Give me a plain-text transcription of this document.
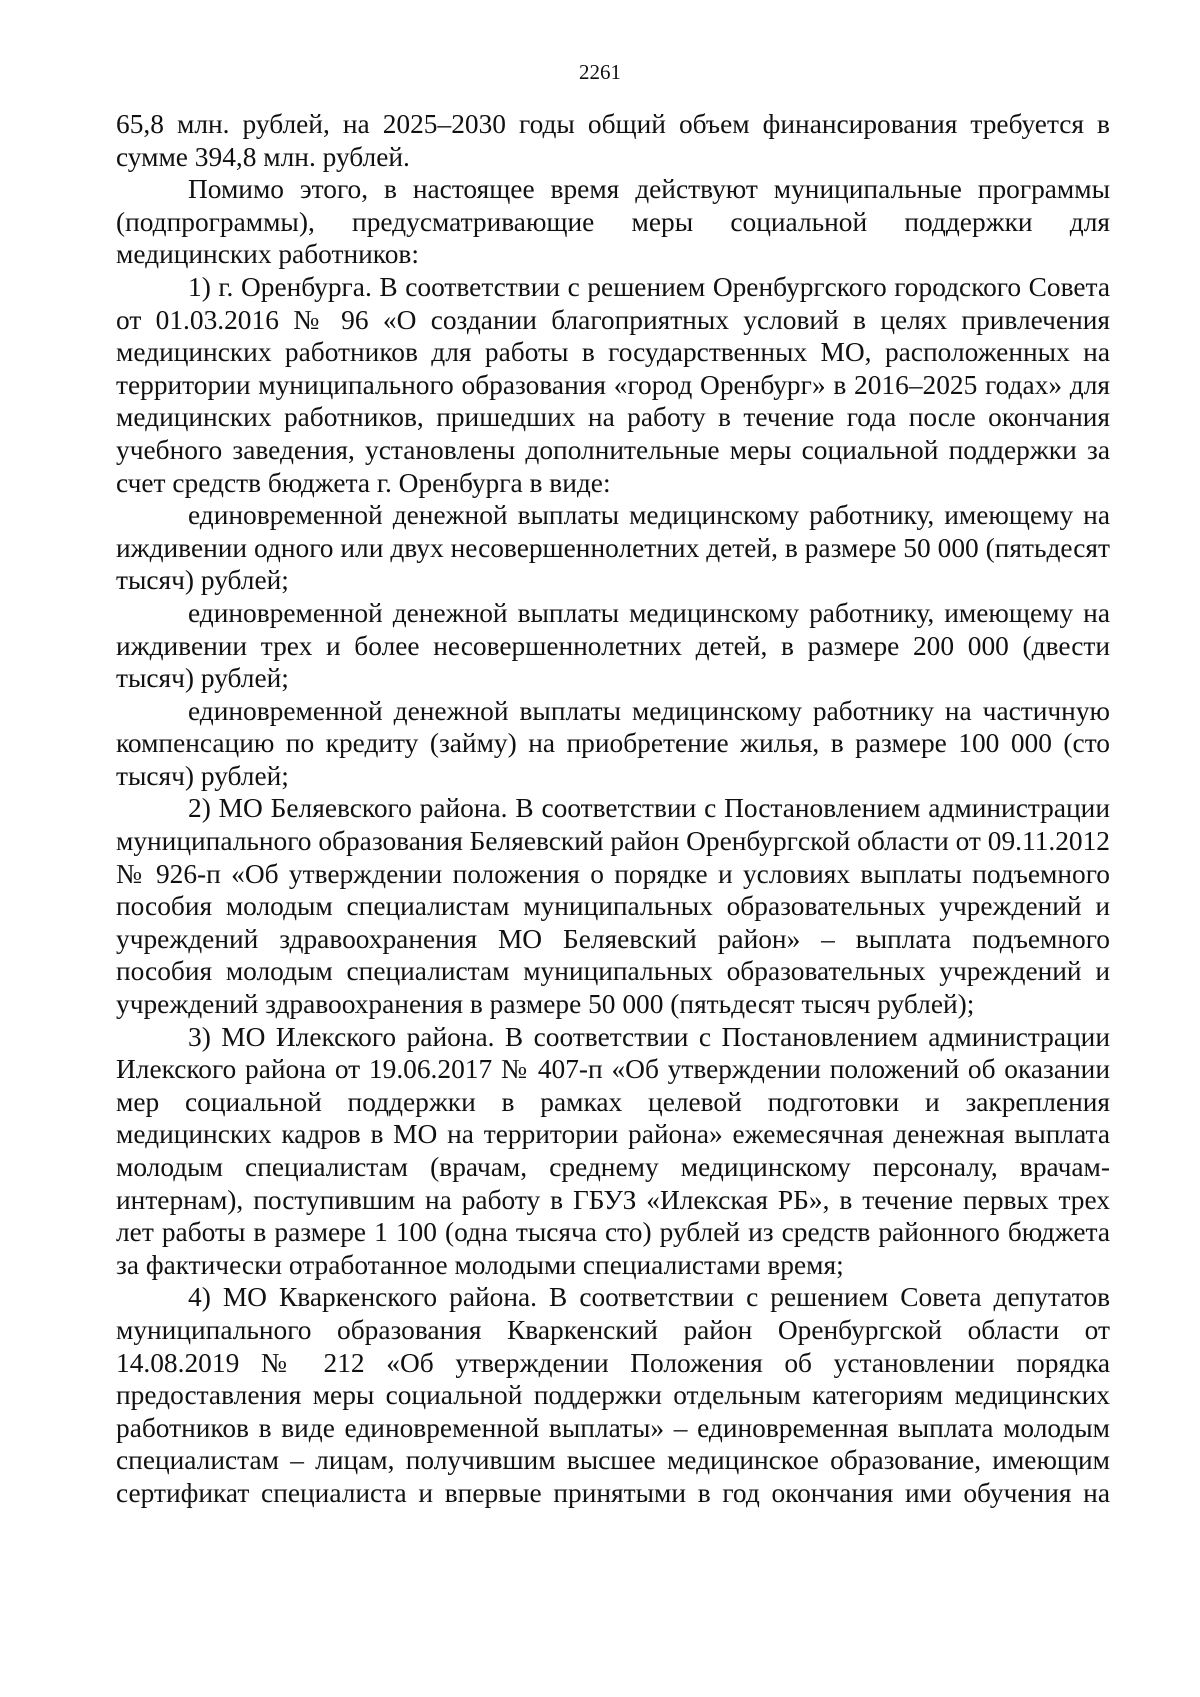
2261

65,8 млн. рублей, на 2025–2030 годы общий объем финансирования требуется в сумме 394,8 млн. рублей.

Помимо этого, в настоящее время действуют муниципальные программы (подпрограммы), предусматривающие меры социальной поддержки для медицинских работников:

1) г. Оренбурга. В соответствии с решением Оренбургского городского Совета от 01.03.2016 № 96 «О создании благоприятных условий в целях привлечения медицинских работников для работы в государственных МО, расположенных на территории муниципального образования «город Оренбург» в 2016–2025 годах» для медицинских работников, пришедших на работу в течение года после окончания учебного заведения, установлены дополнительные меры социальной поддержки за счет средств бюджета г. Оренбурга в виде:

единовременной денежной выплаты медицинскому работнику, имеющему на иждивении одного или двух несовершеннолетних детей, в размере 50 000 (пятьдесят тысяч) рублей;

единовременной денежной выплаты медицинскому работнику, имеющему на иждивении трех и более несовершеннолетних детей, в размере 200 000 (двести тысяч) рублей;

единовременной денежной выплаты медицинскому работнику на частичную компенсацию по кредиту (займу) на приобретение жилья, в размере 100 000 (сто тысяч) рублей;

2) МО Беляевского района. В соответствии с Постановлением администрации муниципального образования Беляевский район Оренбургской области от 09.11.2012 № 926-п «Об утверждении положения о порядке и условиях выплаты подъемного пособия молодым специалистам муниципальных образовательных учреждений и учреждений здравоохранения МО Беляевский район» – выплата подъемного пособия молодым специалистам муниципальных образовательных учреждений и учреждений здравоохранения в размере 50 000 (пятьдесят тысяч рублей);

3) МО Илекского района. В соответствии с Постановлением администрации Илекского района от 19.06.2017 № 407-п «Об утверждении положений об оказании мер социальной поддержки в рамках целевой подготовки и закрепления медицинских кадров в МО на территории района» ежемесячная денежная выплата молодым специалистам (врачам, среднему медицинскому персоналу, врачам-интернам), поступившим на работу в ГБУЗ «Илекская РБ», в течение первых трех лет работы в размере 1 100 (одна тысяча сто) рублей из средств районного бюджета за фактически отработанное молодыми специалистами время;

4) МО Кваркенского района. В соответствии с решением Совета депутатов муниципального образования Кваркенский район Оренбургской области от 14.08.2019 № 212 «Об утверждении Положения об установлении порядка предоставления меры социальной поддержки отдельным категориям медицинских работников в виде единовременной выплаты» – единовременная выплата молодым специалистам – лицам, получившим высшее медицинское образование, имеющим сертификат специалиста и впервые принятыми в год окончания ими обучения на
